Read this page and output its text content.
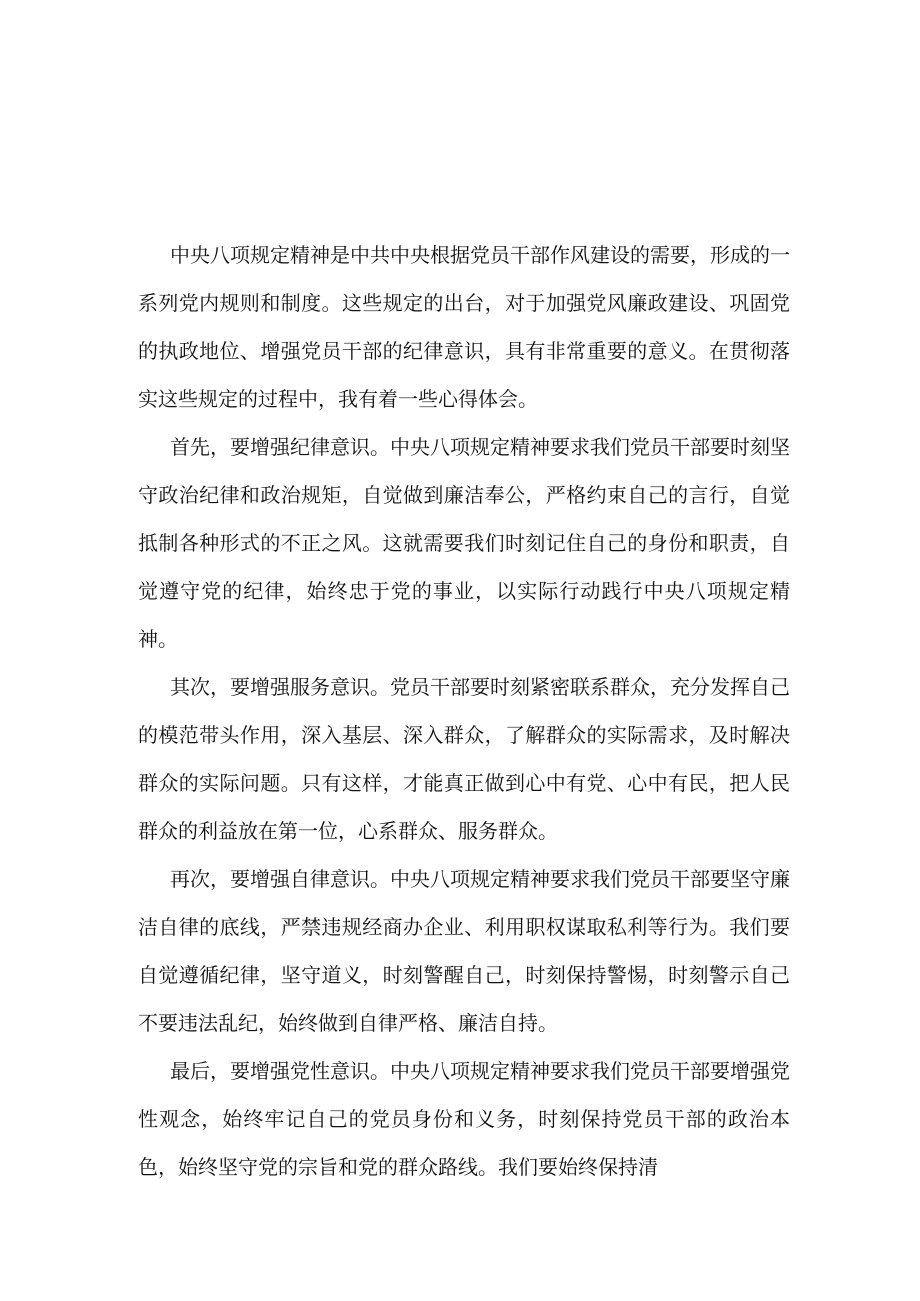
中央八项规定精神是中共中央根据党员干部作风建设的需要，形成的一系列党内规则和制度。这些规定的出台，对于加强党风廉政建设、巩固党的执政地位、增强党员干部的纪律意识，具有非常重要的意义。在贯彻落实这些规定的过程中，我有着一些心得体会。

首先，要增强纪律意识。中央八项规定精神要求我们党员干部要时刻坚守政治纪律和政治规矩，自觉做到廉洁奉公，严格约束自己的言行，自觉抵制各种形式的不正之风。这就需要我们时刻记住自己的身份和职责，自觉遵守党的纪律，始终忠于党的事业，以实际行动践行中央八项规定精神。

其次，要增强服务意识。党员干部要时刻紧密联系群众，充分发挥自己的模范带头作用，深入基层、深入群众，了解群众的实际需求，及时解决群众的实际问题。只有这样，才能真正做到心中有党、心中有民，把人民群众的利益放在第一位，心系群众、服务群众。

再次，要增强自律意识。中央八项规定精神要求我们党员干部要坚守廉洁自律的底线，严禁违规经商办企业、利用职权谋取私利等行为。我们要自觉遵循纪律，坚守道义，时刻警醒自己，时刻保持警惕，时刻警示自己不要违法乱纪，始终做到自律严格、廉洁自持。

最后，要增强党性意识。中央八项规定精神要求我们党员干部要增强党性观念，始终牢记自己的党员身份和义务，时刻保持党员干部的政治本色，始终坚守党的宗旨和党的群众路线。我们要始终保持清
